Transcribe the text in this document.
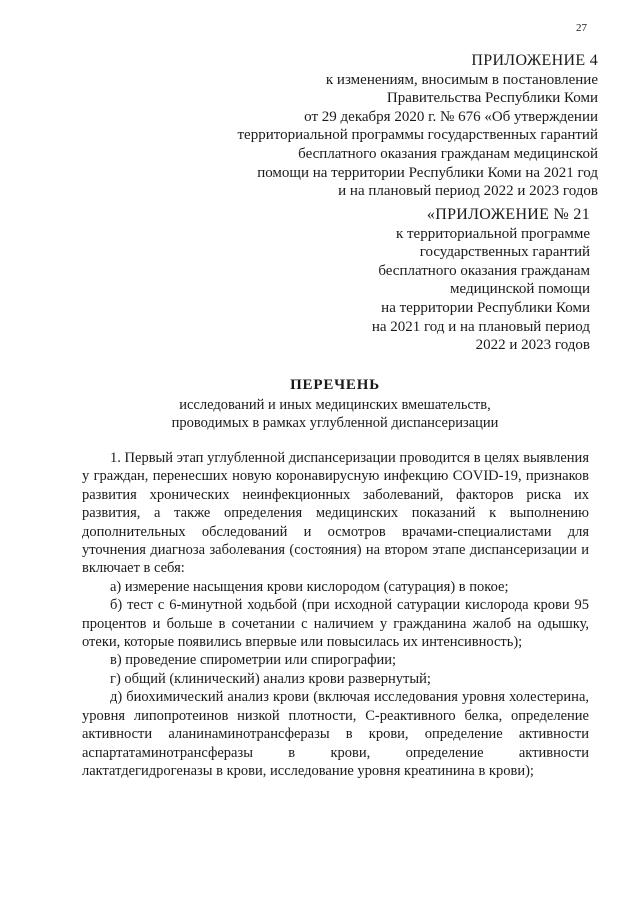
27
ПРИЛОЖЕНИЕ 4
к изменениям, вносимым в постановление
Правительства Республики Коми
от 29 декабря 2020 г. № 676 «Об утверждении
территориальной программы государственных гарантий
бесплатного оказания гражданам медицинской
помощи на территории Республики Коми на 2021 год
и на плановый период 2022 и 2023 годов
«ПРИЛОЖЕНИЕ № 21
к территориальной программе
государственных гарантий
бесплатного оказания гражданам
медицинской помощи
на территории Республики Коми
на 2021 год и на плановый период
2022 и 2023 годов
ПЕРЕЧЕНЬ
исследований и иных медицинских вмешательств,
проводимых в рамках углубленной диспансеризации

1. Первый этап углубленной диспансеризации проводится в целях выявления у граждан, перенесших новую коронавирусную инфекцию COVID-19, признаков развития хронических неинфекционных заболеваний, факторов риска их развития, а также определения медицинских показаний к выполнению дополнительных обследований и осмотров врачами-специалистами для уточнения диагноза заболевания (состояния) на втором этапе диспансеризации и включает в себя:

а) измерение насыщения крови кислородом (сатурация) в покое;

б) тест с 6-минутной ходьбой (при исходной сатурации кислорода крови 95 процентов и больше в сочетании с наличием у гражданина жалоб на одышку, отеки, которые появились впервые или повысилась их интенсивность);

в) проведение спирометрии или спирографии;

г) общий (клинический) анализ крови развернутый;

д) биохимический анализ крови (включая исследования уровня холестерина, уровня липопротеинов низкой плотности, С-реактивного белка, определение активности аланинаминотрансферазы в крови, определение активности аспартатаминотрансферазы в крови, определение активности лактатдегидрогеназы в крови, исследование уровня креатинина в крови);
